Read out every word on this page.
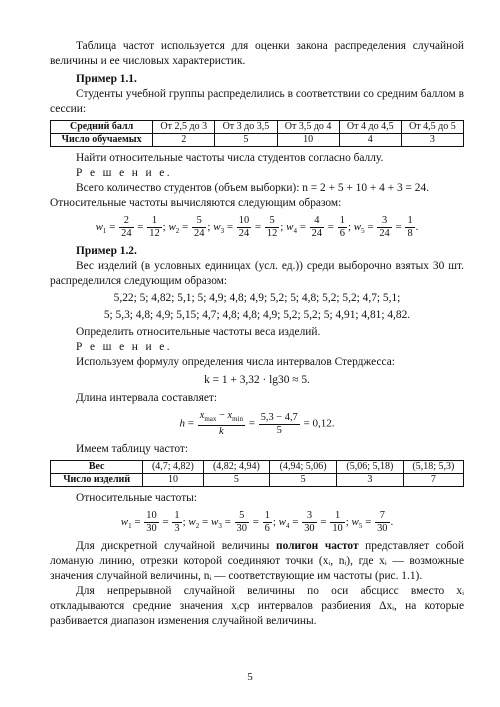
Таблица частот используется для оценки закона распределения случайной величины и ее числовых характеристик.

Пример 1.1.

Студенты учебной группы распределились в соответствии со средним баллом в сессии:

Средний балл	От 2,5 до 3	От 3 до 3,5	От 3,5 до 4	От 4 до 4,5	От 4,5 до 5
Число обучаемых	2	5	10	4	3

Найти относительные частоты числа студентов согласно баллу.

Р е ш е н и е.

Всего количество студентов (объем выборки): n = 2 + 5 + 10 + 4 + 3 = 24.

Относительные частоты вычисляются следующим образом:

$w_1 = \frac{2}{24} = \frac{1}{12}$ ; $w_2 = \frac{5}{24}$ ; $w_3 = \frac{10}{24} = \frac{5}{12}$ ; $w_4 = \frac{4}{24} = \frac{1}{6}$ ; $w_5 = \frac{3}{24} = \frac{1}{8}$ .

Пример 1.2.

Вес изделий (в условных единицах (усл. ед.)) среди выборочно взятых 30 шт. распределился следующим образом:

5,22; 5; 4,82; 5,1; 5; 4,9; 4,8; 4,9; 5,2; 5; 4,8; 5,2; 5,2; 4,7; 5,1;

5; 5,3; 4,8; 4,9; 5,15; 4,7; 4,8; 4,8; 4,9; 5,2; 5,2; 5; 4,91; 4,81; 4,82.

Определить относительные частоты веса изделий.

Р е ш е н и е.

Используем формулу определения числа интервалов Стерджесса:

k = 1 + 3,32 · lg30 ≈ 5.

Длина интервала составляет:

$h = \frac{x_{max} - x_{min}}{k} = \frac{5,3 - 4,7}{5} = 0,12$.

Имеем таблицу частот:

Вес	(4,7; 4,82)	(4,82; 4,94)	(4,94; 5,06)	(5,06; 5,18)	(5,18; 5,3)
Число изделий	10	5	5	3	7

Относительные частоты:

$w_1 = \frac{10}{30} = \frac{1}{3}$ ; $w_2 = w_3 = \frac{5}{30} = \frac{1}{6}$ ; $w_4 = \frac{3}{30} = \frac{1}{10}$ ; $w_5 = \frac{7}{30}$ .

Для дискретной случайной величины полигон частот представляет собой ломаную линию, отрезки которой соединяют точки (xᵢ, nᵢ), где xᵢ — возможные значения случайной величины, nᵢ — соответствующие им частоты (рис. 1.1).

Для непрерывной случайной величины по оси абсцисс вместо xᵢ откладываются средние значения xᵢср интервалов разбиения Δxᵢ, на которые разбивается диапазон изменения случайной величины.

5
